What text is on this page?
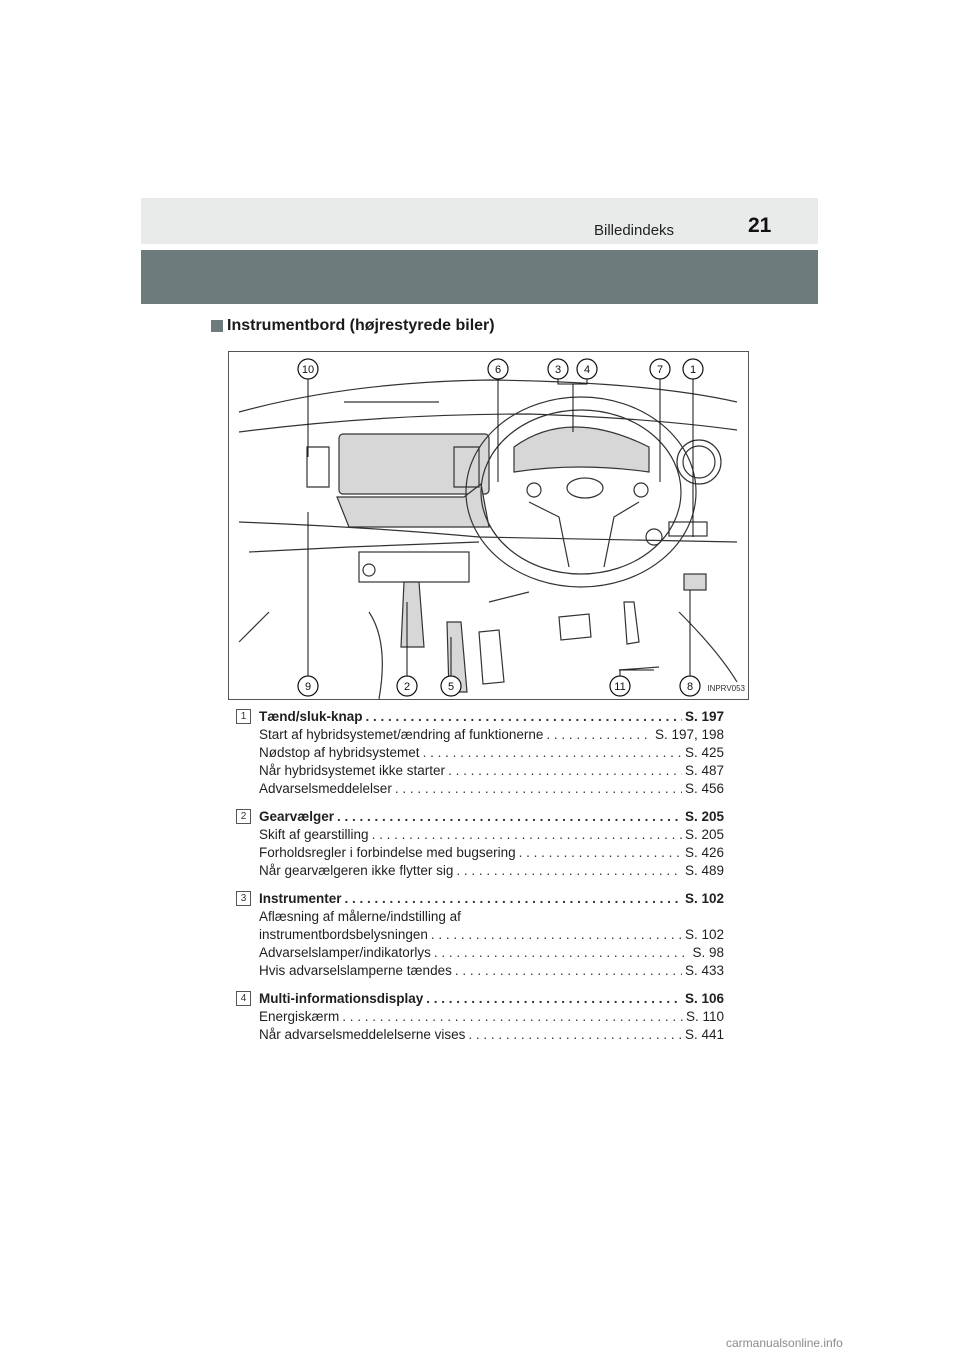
Billedindeks	21
Instrumentbord (højrestyrede biler)
10	6	3 4	7 1
9	2	5	11	8 INPRV053
1 Tænd/sluk-knap . . .	S. 197
Start af hybridsystemet/ændring af funktionerne . . .	S. 197, 198
Nødstop af hybridsystemet . . .	S. 425
Når hybridsystemet ikke starter . . .	S. 487
Advarselsmeddelelser . . .	S. 456
2 Gearvælger . . .	S. 205
Skift af gearstilling . . .	S. 205
Forholdsregler i forbindelse med bugsering . . .	S. 426
Når gearvælgeren ikke flytter sig . . .	S. 489
3 Instrumenter . . .	S. 102
Aflæsning af målerne/indstilling af
instrumentbordsbelysningen . . .	S. 102
Advarselslamper/indikatorlys . . .	S. 98
Hvis advarselslamperne tændes . . .	S. 433
4 Multi-informationsdisplay . . .	S. 106
Energiskærm . . .	S. 110
Når advarselsmeddelelserne vises . . .	S. 441
carmanualsonline.info
